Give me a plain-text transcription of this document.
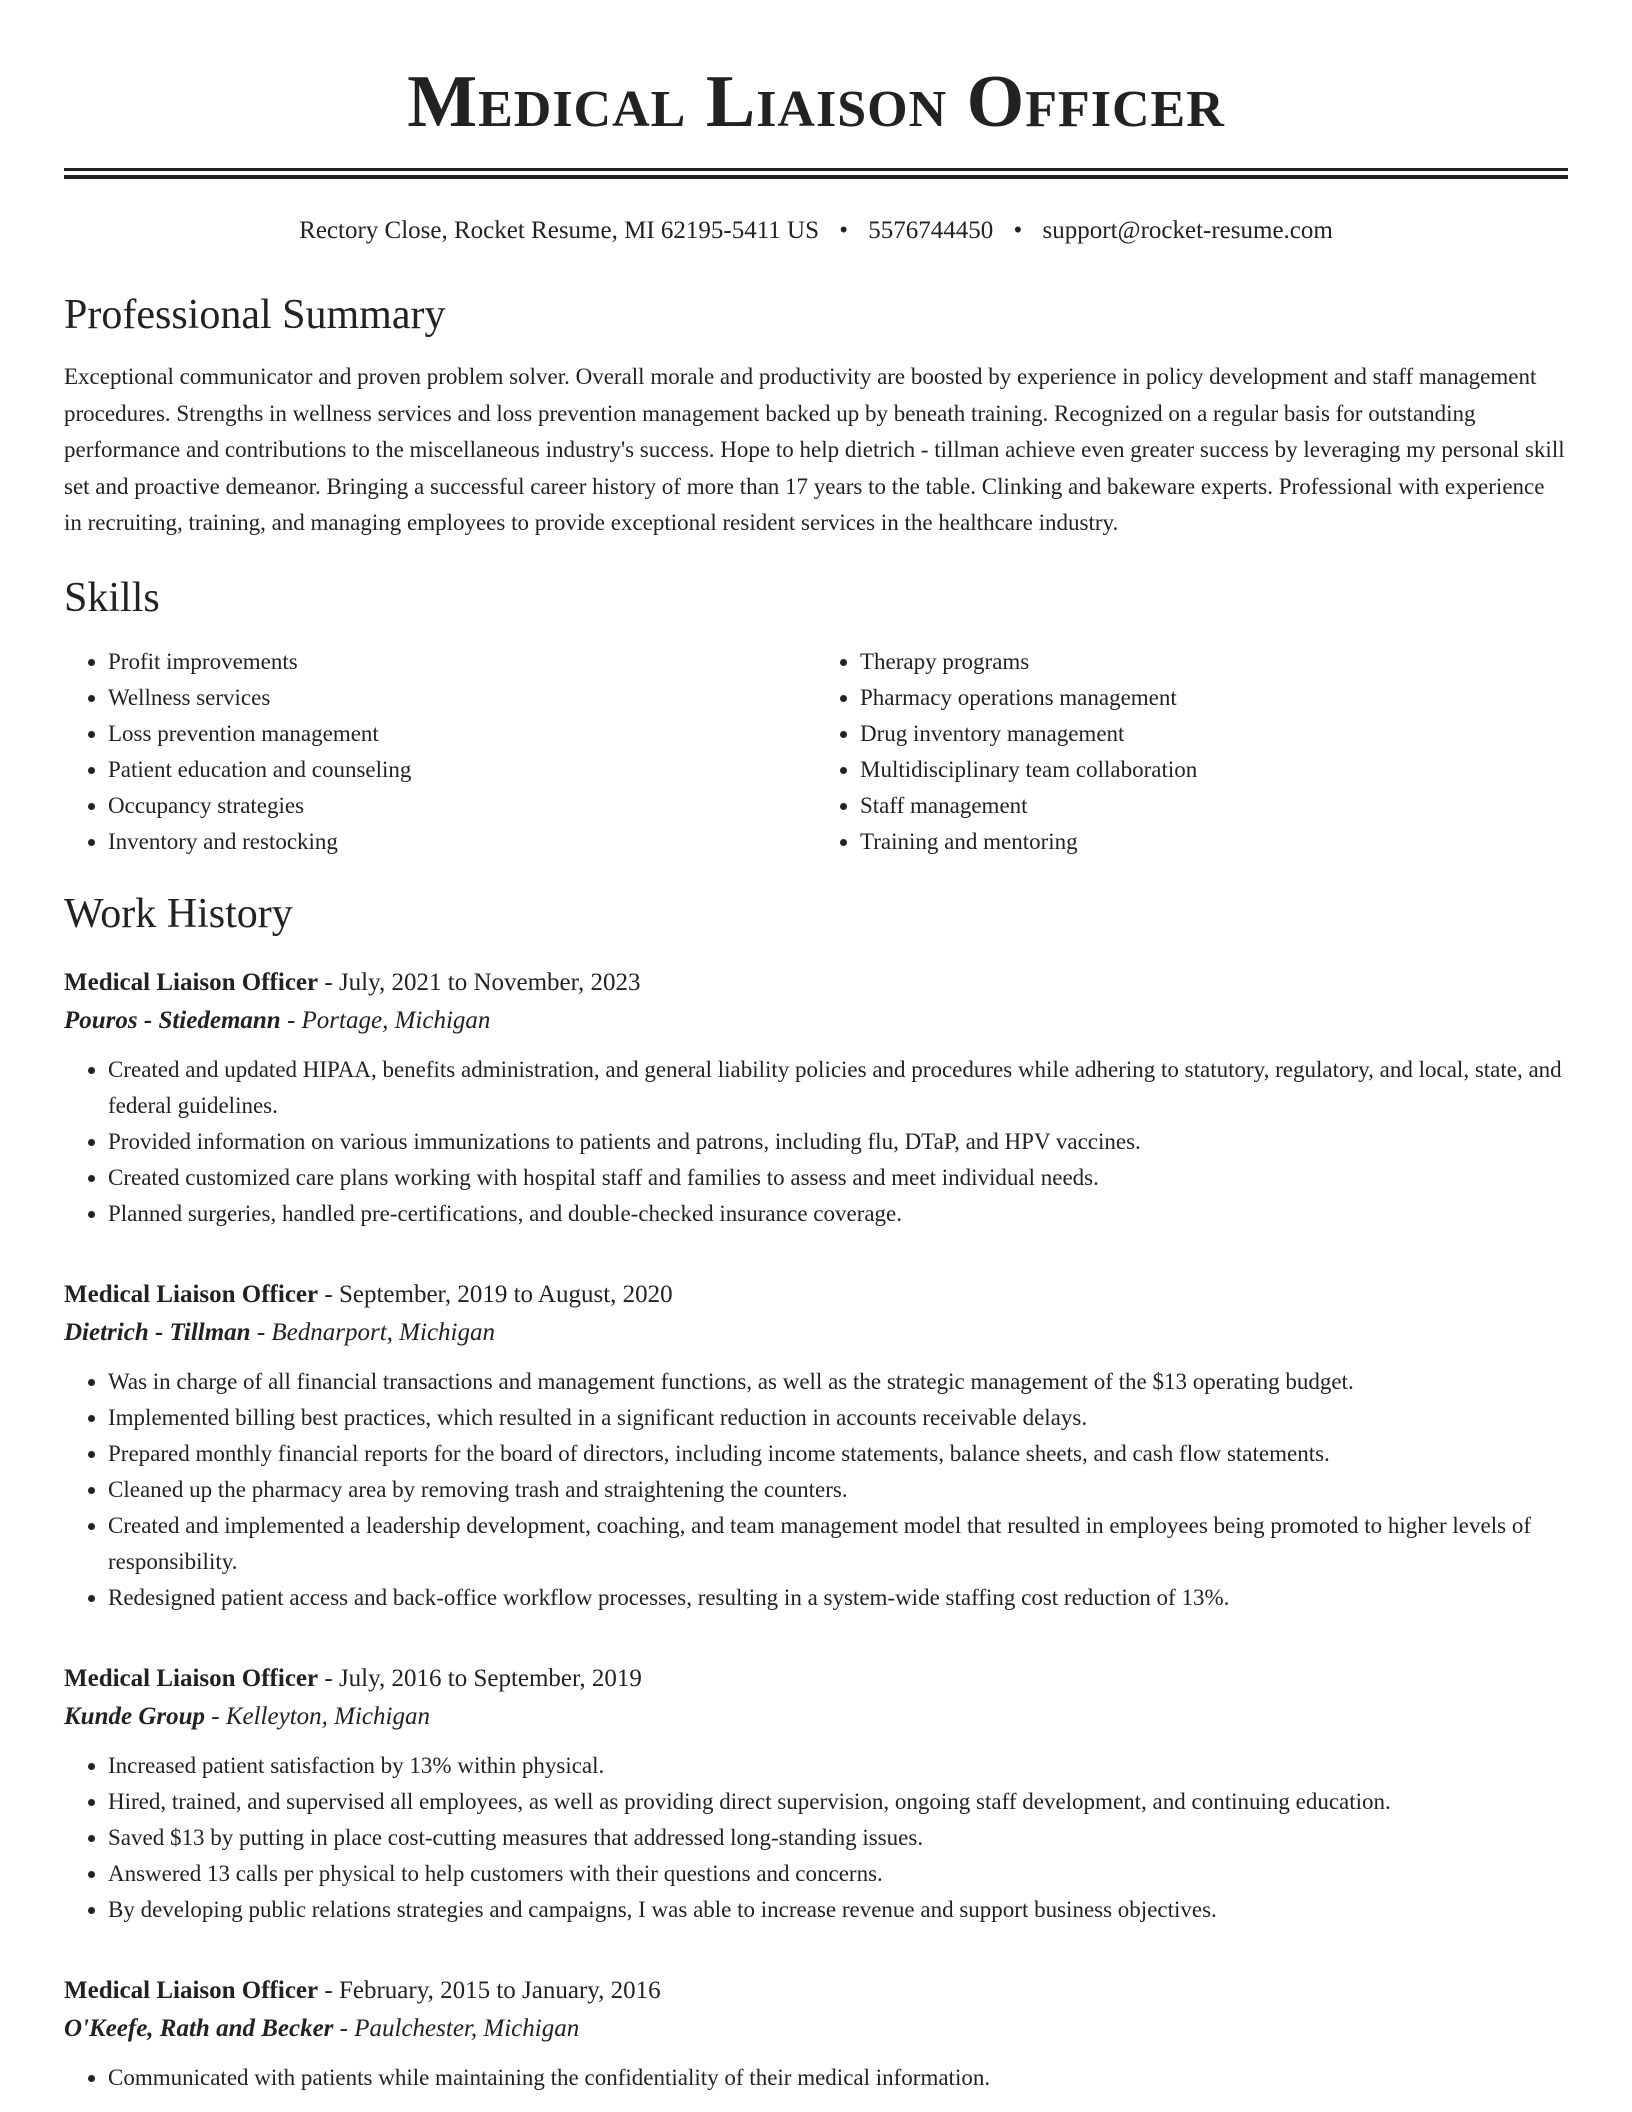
Medical Liaison Officer
Rectory Close, Rocket Resume, MI 62195-5411 US • 5576744450 • support@rocket-resume.com
Professional Summary
Exceptional communicator and proven problem solver. Overall morale and productivity are boosted by experience in policy development and staff management procedures. Strengths in wellness services and loss prevention management backed up by beneath training. Recognized on a regular basis for outstanding performance and contributions to the miscellaneous industry's success. Hope to help dietrich - tillman achieve even greater success by leveraging my personal skill set and proactive demeanor. Bringing a successful career history of more than 17 years to the table. Clinking and bakeware experts. Professional with experience in recruiting, training, and managing employees to provide exceptional resident services in the healthcare industry.
Skills
• Profit improvements
• Wellness services
• Loss prevention management
• Patient education and counseling
• Occupancy strategies
• Inventory and restocking
• Therapy programs
• Pharmacy operations management
• Drug inventory management
• Multidisciplinary team collaboration
• Staff management
• Training and mentoring
Work History
Medical Liaison Officer - July, 2021 to November, 2023
Pouros - Stiedemann - Portage, Michigan
• Created and updated HIPAA, benefits administration, and general liability policies and procedures while adhering to statutory, regulatory, and local, state, and federal guidelines.
• Provided information on various immunizations to patients and patrons, including flu, DTaP, and HPV vaccines.
• Created customized care plans working with hospital staff and families to assess and meet individual needs.
• Planned surgeries, handled pre-certifications, and double-checked insurance coverage.
Medical Liaison Officer - September, 2019 to August, 2020
Dietrich - Tillman - Bednarport, Michigan
• Was in charge of all financial transactions and management functions, as well as the strategic management of the $13 operating budget.
• Implemented billing best practices, which resulted in a significant reduction in accounts receivable delays.
• Prepared monthly financial reports for the board of directors, including income statements, balance sheets, and cash flow statements.
• Cleaned up the pharmacy area by removing trash and straightening the counters.
• Created and implemented a leadership development, coaching, and team management model that resulted in employees being promoted to higher levels of responsibility.
• Redesigned patient access and back-office workflow processes, resulting in a system-wide staffing cost reduction of 13%.
Medical Liaison Officer - July, 2016 to September, 2019
Kunde Group - Kelleyton, Michigan
• Increased patient satisfaction by 13% within physical.
• Hired, trained, and supervised all employees, as well as providing direct supervision, ongoing staff development, and continuing education.
• Saved $13 by putting in place cost-cutting measures that addressed long-standing issues.
• Answered 13 calls per physical to help customers with their questions and concerns.
• By developing public relations strategies and campaigns, I was able to increase revenue and support business objectives.
Medical Liaison Officer - February, 2015 to January, 2016
O'Keefe, Rath and Becker - Paulchester, Michigan
• Communicated with patients while maintaining the confidentiality of their medical information.
